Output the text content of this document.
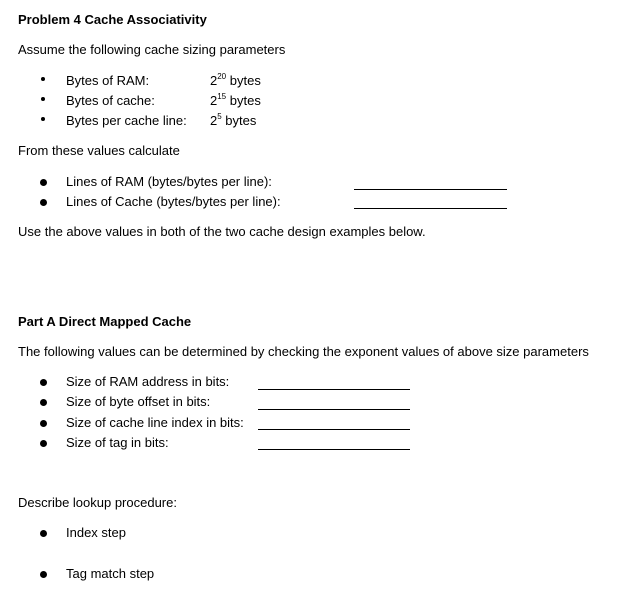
Problem 4 Cache Associativity
Assume the following cache sizing parameters
Bytes of RAM:	$2^{20}$ bytes
Bytes of cache:	$2^{15}$ bytes
Bytes per cache line: $2^5$ bytes
From these values calculate
Lines of RAM (bytes/bytes per line):
Lines of Cache (bytes/bytes per line):
Use the above values in both of the two cache design examples below.
Part A Direct Mapped Cache
The following values can be determined by checking the exponent values of above size parameters
Size of RAM address in bits:
Size of byte offset in bits:
Size of cache line index in bits:
Size of tag in bits:
Describe lookup procedure:
Index step
Tag match step
